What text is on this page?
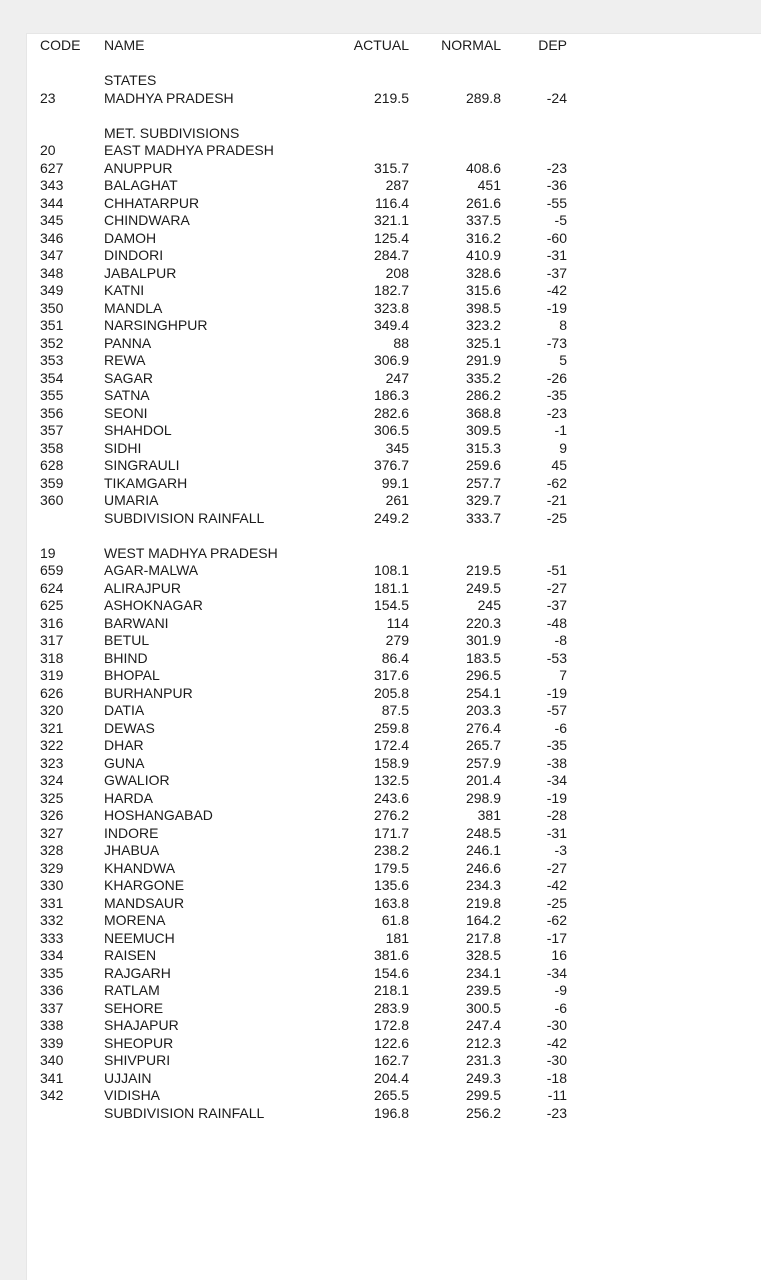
CODE	NAME	ACTUAL	NORMAL	DEP

	STATES			
23	MADHYA PRADESH	219.5	289.8	-24

	MET. SUBDIVISIONS			
20	EAST MADHYA PRADESH			
627	ANUPPUR	315.7	408.6	-23
343	BALAGHAT	287	451	-36
344	CHHATARPUR	116.4	261.6	-55
345	CHINDWARA	321.1	337.5	-5
346	DAMOH	125.4	316.2	-60
347	DINDORI	284.7	410.9	-31
348	JABALPUR	208	328.6	-37
349	KATNI	182.7	315.6	-42
350	MANDLA	323.8	398.5	-19
351	NARSINGHPUR	349.4	323.2	8
352	PANNA	88	325.1	-73
353	REWA	306.9	291.9	5
354	SAGAR	247	335.2	-26
355	SATNA	186.3	286.2	-35
356	SEONI	282.6	368.8	-23
357	SHAHDOL	306.5	309.5	-1
358	SIDHI	345	315.3	9
628	SINGRAULI	376.7	259.6	45
359	TIKAMGARH	99.1	257.7	-62
360	UMARIA	261	329.7	-21
	SUBDIVISION RAINFALL	249.2	333.7	-25

19	WEST MADHYA PRADESH			
659	AGAR-MALWA	108.1	219.5	-51
624	ALIRAJPUR	181.1	249.5	-27
625	ASHOKNAGAR	154.5	245	-37
316	BARWANI	114	220.3	-48
317	BETUL	279	301.9	-8
318	BHIND	86.4	183.5	-53
319	BHOPAL	317.6	296.5	7
626	BURHANPUR	205.8	254.1	-19
320	DATIA	87.5	203.3	-57
321	DEWAS	259.8	276.4	-6
322	DHAR	172.4	265.7	-35
323	GUNA	158.9	257.9	-38
324	GWALIOR	132.5	201.4	-34
325	HARDA	243.6	298.9	-19
326	HOSHANGABAD	276.2	381	-28
327	INDORE	171.7	248.5	-31
328	JHABUA	238.2	246.1	-3
329	KHANDWA	179.5	246.6	-27
330	KHARGONE	135.6	234.3	-42
331	MANDSAUR	163.8	219.8	-25
332	MORENA	61.8	164.2	-62
333	NEEMUCH	181	217.8	-17
334	RAISEN	381.6	328.5	16
335	RAJGARH	154.6	234.1	-34
336	RATLAM	218.1	239.5	-9
337	SEHORE	283.9	300.5	-6
338	SHAJAPUR	172.8	247.4	-30
339	SHEOPUR	122.6	212.3	-42
340	SHIVPURI	162.7	231.3	-30
341	UJJAIN	204.4	249.3	-18
342	VIDISHA	265.5	299.5	-11
	SUBDIVISION RAINFALL	196.8	256.2	-23
